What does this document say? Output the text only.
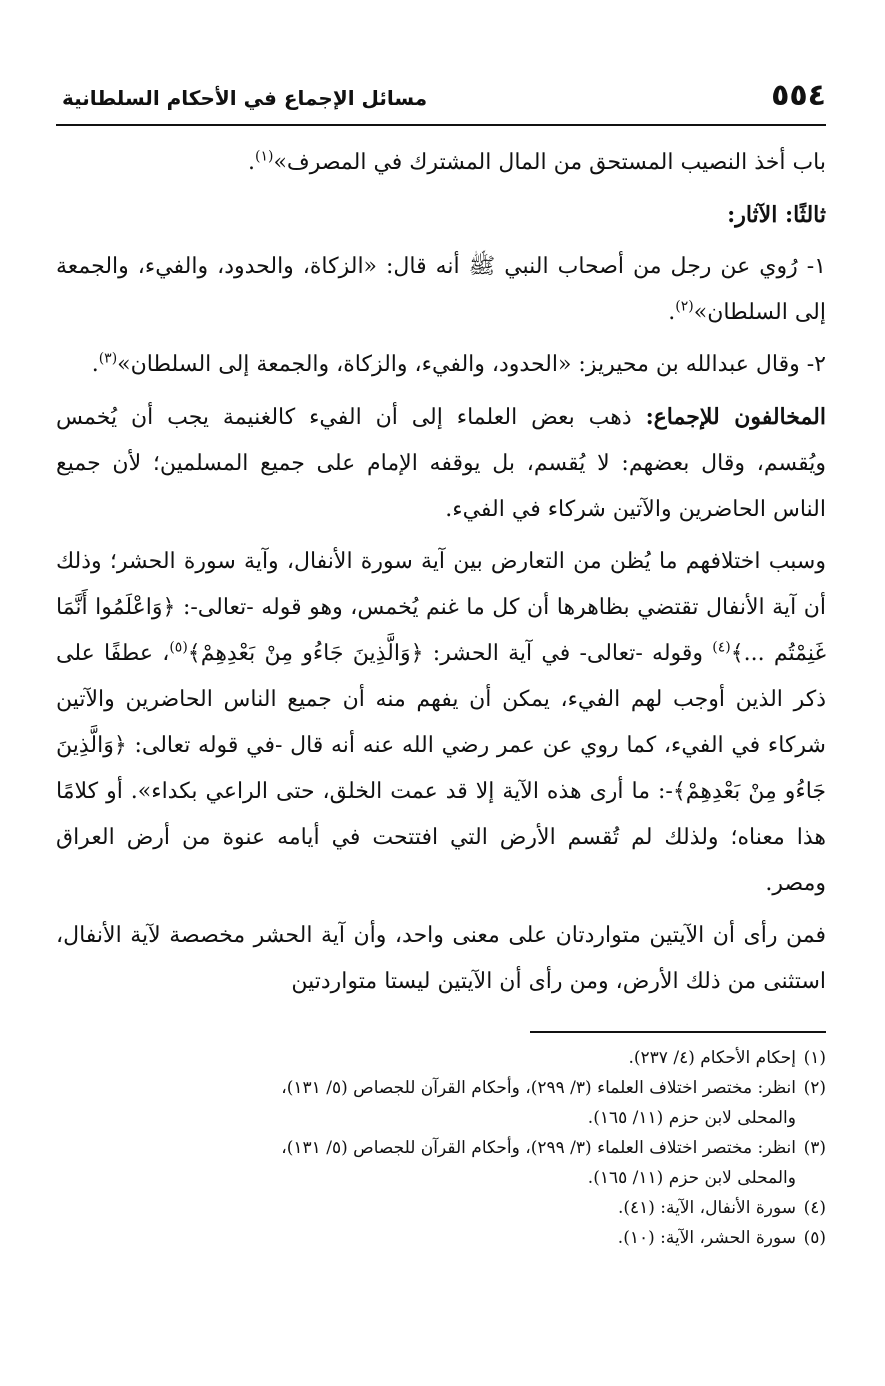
٥٥٤
مسائل الإجماع في الأحكام السلطانية

باب أخذ النصيب المستحق من المال المشترك في المصرف»$^{(١)}$.

ثالثًا: الآثار:

١- رُوي عن رجل من أصحاب النبي ﷺ أنه قال: «الزكاة، والحدود، والفيء، والجمعة إلى السلطان»$^{(٢)}$.

٢- وقال عبدالله بن محيريز: «الحدود، والفيء، والزكاة، والجمعة إلى السلطان»$^{(٣)}$.

المخالفون للإجماع: ذهب بعض العلماء إلى أن الفيء كالغنيمة يجب أن يُخمس ويُقسم، وقال بعضهم: لا يُقسم، بل يوقفه الإمام على جميع المسلمين؛ لأن جميع الناس الحاضرين والآتين شركاء في الفيء.

وسبب اختلافهم ما يُظن من التعارض بين آية سورة الأنفال، وآية سورة الحشر؛ وذلك أن آية الأنفال تقتضي بظاهرها أن كل ما غنم يُخمس، وهو قوله -تعالى-: ﴿وَاعْلَمُوا أَنَّمَا غَنِمْتُم ...﴾$^{(٤)}$ وقوله -تعالى- في آية الحشر: ﴿وَالَّذِينَ جَاءُو مِنْ بَعْدِهِمْ﴾$^{(٥)}$، عطفًا على ذكر الذين أوجب لهم الفيء، يمكن أن يفهم منه أن جميع الناس الحاضرين والآتين شركاء في الفيء، كما روي عن عمر رضي الله عنه أنه قال -في قوله تعالى: ﴿وَالَّذِينَ جَاءُو مِنْ بَعْدِهِمْ﴾-: ما أرى هذه الآية إلا قد عمت الخلق، حتى الراعي بكداء». أو كلامًا هذا معناه؛ ولذلك لم تُقسم الأرض التي افتتحت في أيامه عنوة من أرض العراق ومصر.

فمن رأى أن الآيتين متواردتان على معنى واحد، وأن آية الحشر مخصصة لآية الأنفال، استثنى من ذلك الأرض، ومن رأى أن الآيتين ليستا متواردتين

(١)إحكام الأحكام (٤/ ٢٣٧).

(٢)انظر: مختصر اختلاف العلماء (٣/ ٢٩٩)، وأحكام القرآن للجصاص (٥/ ١٣١)،
والمحلى لابن حزم (١١/ ١٦٥).

(٣)انظر: مختصر اختلاف العلماء (٣/ ٢٩٩)، وأحكام القرآن للجصاص (٥/ ١٣١)،
والمحلى لابن حزم (١١/ ١٦٥).

(٤)سورة الأنفال، الآية: (٤١).

(٥)سورة الحشر، الآية: (١٠).
